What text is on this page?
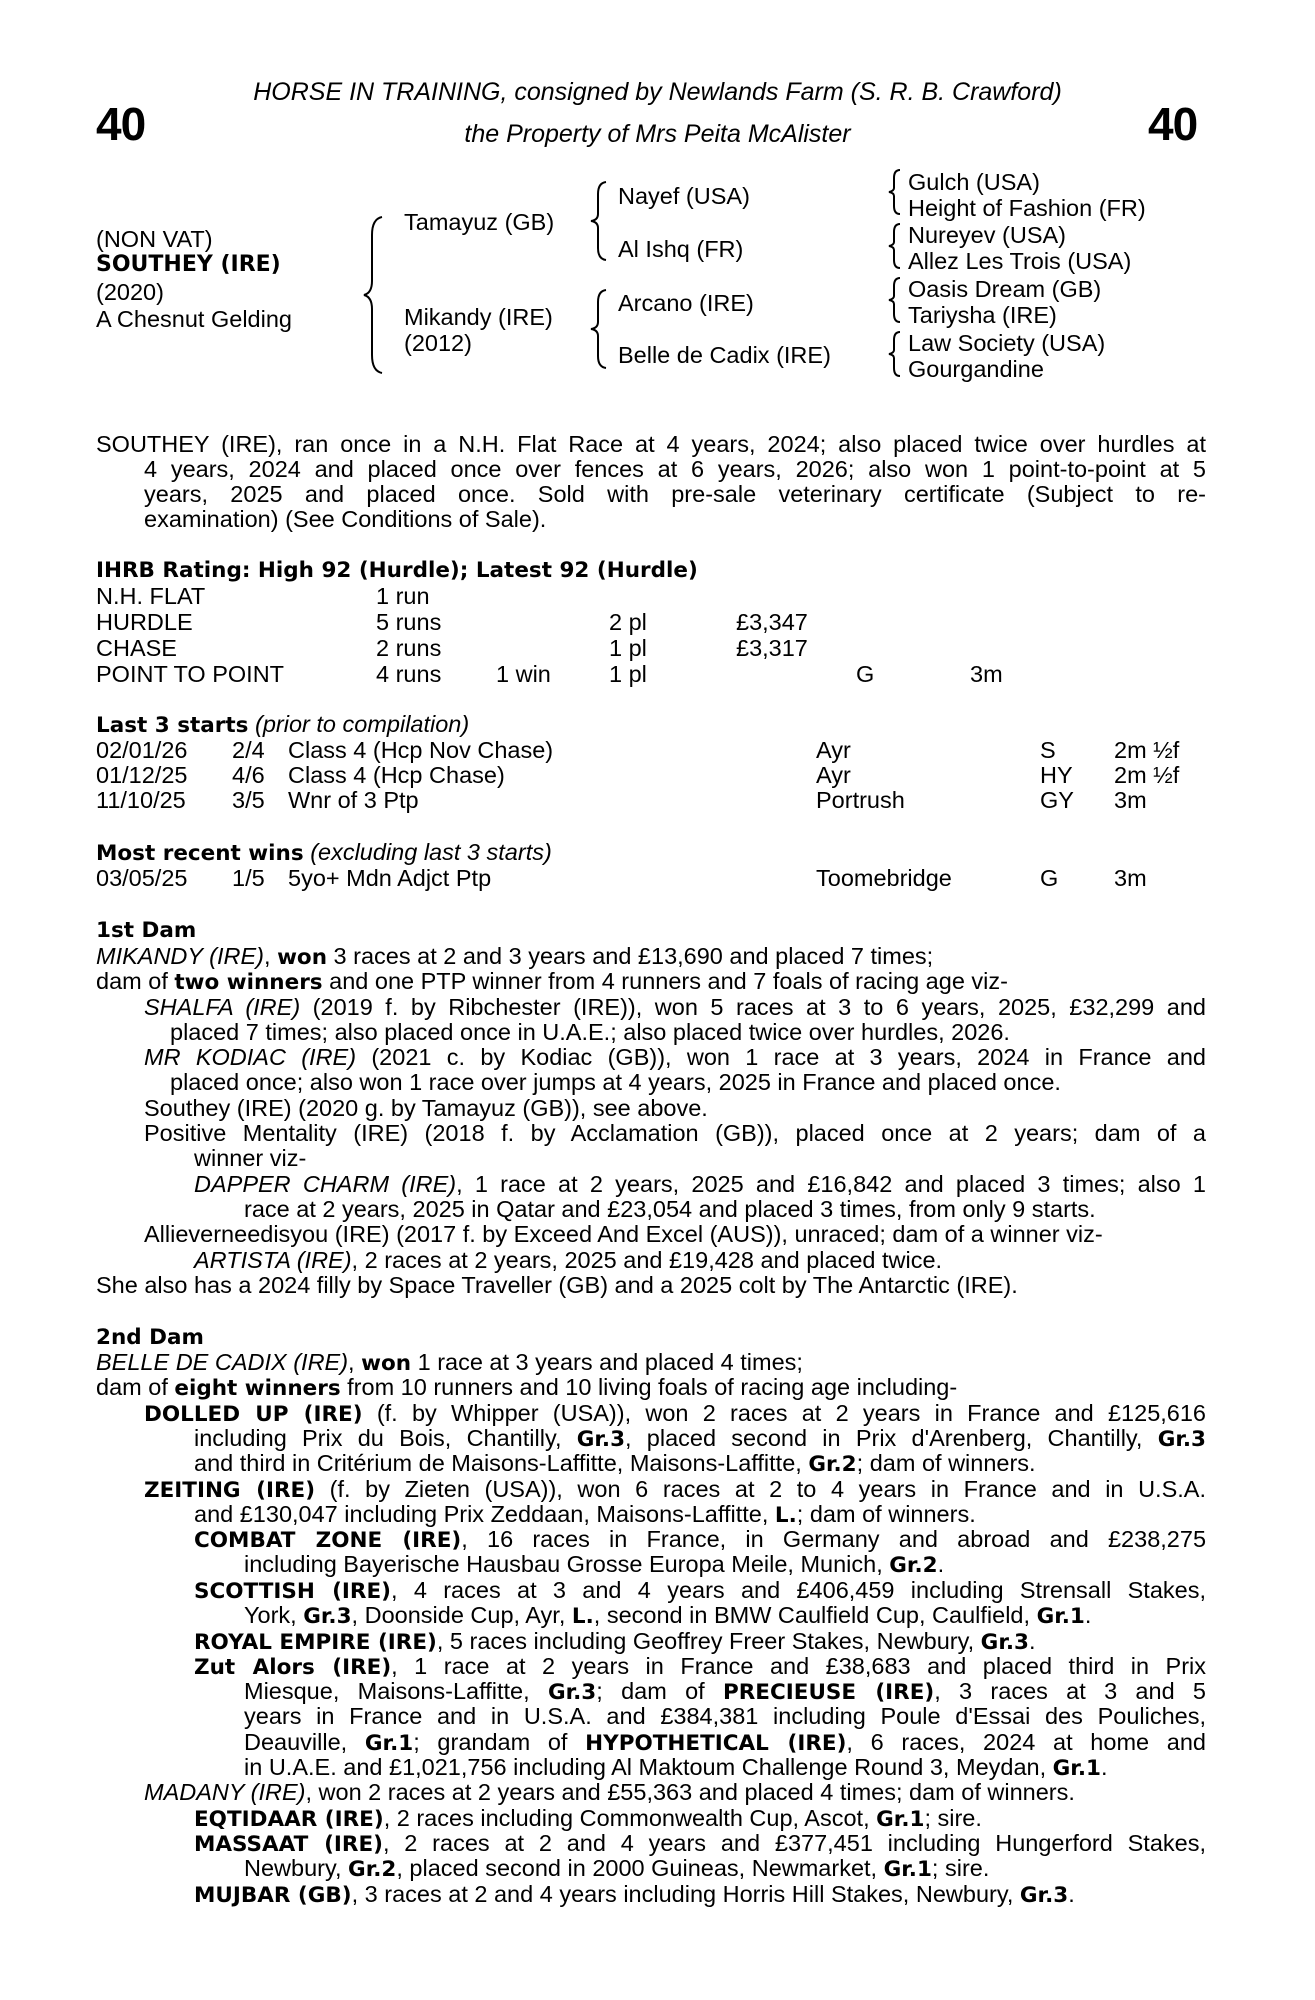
HORSE IN TRAINING, consigned by Newlands Farm (S. R. B. Crawford)
the Property of Mrs Peita McAlister
40	40
(NON VAT)
SOUTHEY (IRE)
(2020)
A Chesnut Gelding
Tamayuz (GB)
Mikandy (IRE)
(2012)
Nayef (USA)
Al Ishq (FR)
Arcano (IRE)
Belle de Cadix (IRE)
Gulch (USA)
Height of Fashion (FR)
Nureyev (USA)
Allez Les Trois (USA)
Oasis Dream (GB)
Tariysha (IRE)
Law Society (USA)
Gourgandine
SOUTHEY (IRE), ran once in a N.H. Flat Race at 4 years, 2024; also placed twice over hurdles at
4 years, 2024 and placed once over fences at 6 years, 2026; also won 1 point-to-point at 5
years, 2025 and placed once. Sold with pre-sale veterinary certificate (Subject to re-
examination) (See Conditions of Sale).
IHRB Rating: High 92 (Hurdle); Latest 92 (Hurdle)
N.H. FLAT	1 run
HURDLE	5 runs	2 pl	£3,347
CHASE	2 runs	1 pl	£3,317
POINT TO POINT	4 runs 1 win 1 pl	G	3m
Last 3 starts (prior to compilation)
02/01/26 2/4 Class 4 (Hcp Nov Chase)	Ayr	S 2m ½f
01/12/25 4/6 Class 4 (Hcp Chase)	Ayr	HY 2m ½f
11/10/25 3/5 Wnr of 3 Ptp	Portrush	GY 3m
Most recent wins (excluding last 3 starts)
03/05/25 1/5 5yo+ Mdn Adjct Ptp	Toomebridge	G 3m
1st Dam
MIKANDY (IRE), won 3 races at 2 and 3 years and £13,690 and placed 7 times;
dam of two winners and one PTP winner from 4 runners and 7 foals of racing age viz-
SHALFA (IRE) (2019 f. by Ribchester (IRE)), won 5 races at 3 to 6 years, 2025, £32,299 and
placed 7 times; also placed once in U.A.E.; also placed twice over hurdles, 2026.
MR KODIAC (IRE) (2021 c. by Kodiac (GB)), won 1 race at 3 years, 2024 in France and
placed once; also won 1 race over jumps at 4 years, 2025 in France and placed once.
Southey (IRE) (2020 g. by Tamayuz (GB)), see above.
Positive Mentality (IRE) (2018 f. by Acclamation (GB)), placed once at 2 years; dam of a
winner viz-
DAPPER CHARM (IRE), 1 race at 2 years, 2025 and £16,842 and placed 3 times; also 1
race at 2 years, 2025 in Qatar and £23,054 and placed 3 times, from only 9 starts.
Allieverneedisyou (IRE) (2017 f. by Exceed And Excel (AUS)), unraced; dam of a winner viz-
ARTISTA (IRE), 2 races at 2 years, 2025 and £19,428 and placed twice.
She also has a 2024 filly by Space Traveller (GB) and a 2025 colt by The Antarctic (IRE).
2nd Dam
BELLE DE CADIX (IRE), won 1 race at 3 years and placed 4 times;
dam of eight winners from 10 runners and 10 living foals of racing age including-
DOLLED UP (IRE) (f. by Whipper (USA)), won 2 races at 2 years in France and £125,616
including Prix du Bois, Chantilly, Gr.3, placed second in Prix d'Arenberg, Chantilly, Gr.3
and third in Critérium de Maisons-Laffitte, Maisons-Laffitte, Gr.2; dam of winners.
ZEITING (IRE) (f. by Zieten (USA)), won 6 races at 2 to 4 years in France and in U.S.A.
and £130,047 including Prix Zeddaan, Maisons-Laffitte, L.; dam of winners.
COMBAT ZONE (IRE), 16 races in France, in Germany and abroad and £238,275
including Bayerische Hausbau Grosse Europa Meile, Munich, Gr.2.
SCOTTISH (IRE), 4 races at 3 and 4 years and £406,459 including Strensall Stakes,
York, Gr.3, Doonside Cup, Ayr, L., second in BMW Caulfield Cup, Caulfield, Gr.1.
ROYAL EMPIRE (IRE), 5 races including Geoffrey Freer Stakes, Newbury, Gr.3.
Zut Alors (IRE), 1 race at 2 years in France and £38,683 and placed third in Prix
Miesque, Maisons-Laffitte, Gr.3; dam of PRECIEUSE (IRE), 3 races at 3 and 5
years in France and in U.S.A. and £384,381 including Poule d'Essai des Pouliches,
Deauville, Gr.1; grandam of HYPOTHETICAL (IRE), 6 races, 2024 at home and
in U.A.E. and £1,021,756 including Al Maktoum Challenge Round 3, Meydan, Gr.1.
MADANY (IRE), won 2 races at 2 years and £55,363 and placed 4 times; dam of winners.
EQTIDAAR (IRE), 2 races including Commonwealth Cup, Ascot, Gr.1; sire.
MASSAAT (IRE), 2 races at 2 and 4 years and £377,451 including Hungerford Stakes,
Newbury, Gr.2, placed second in 2000 Guineas, Newmarket, Gr.1; sire.
MUJBAR (GB), 3 races at 2 and 4 years including Horris Hill Stakes, Newbury, Gr.3.
